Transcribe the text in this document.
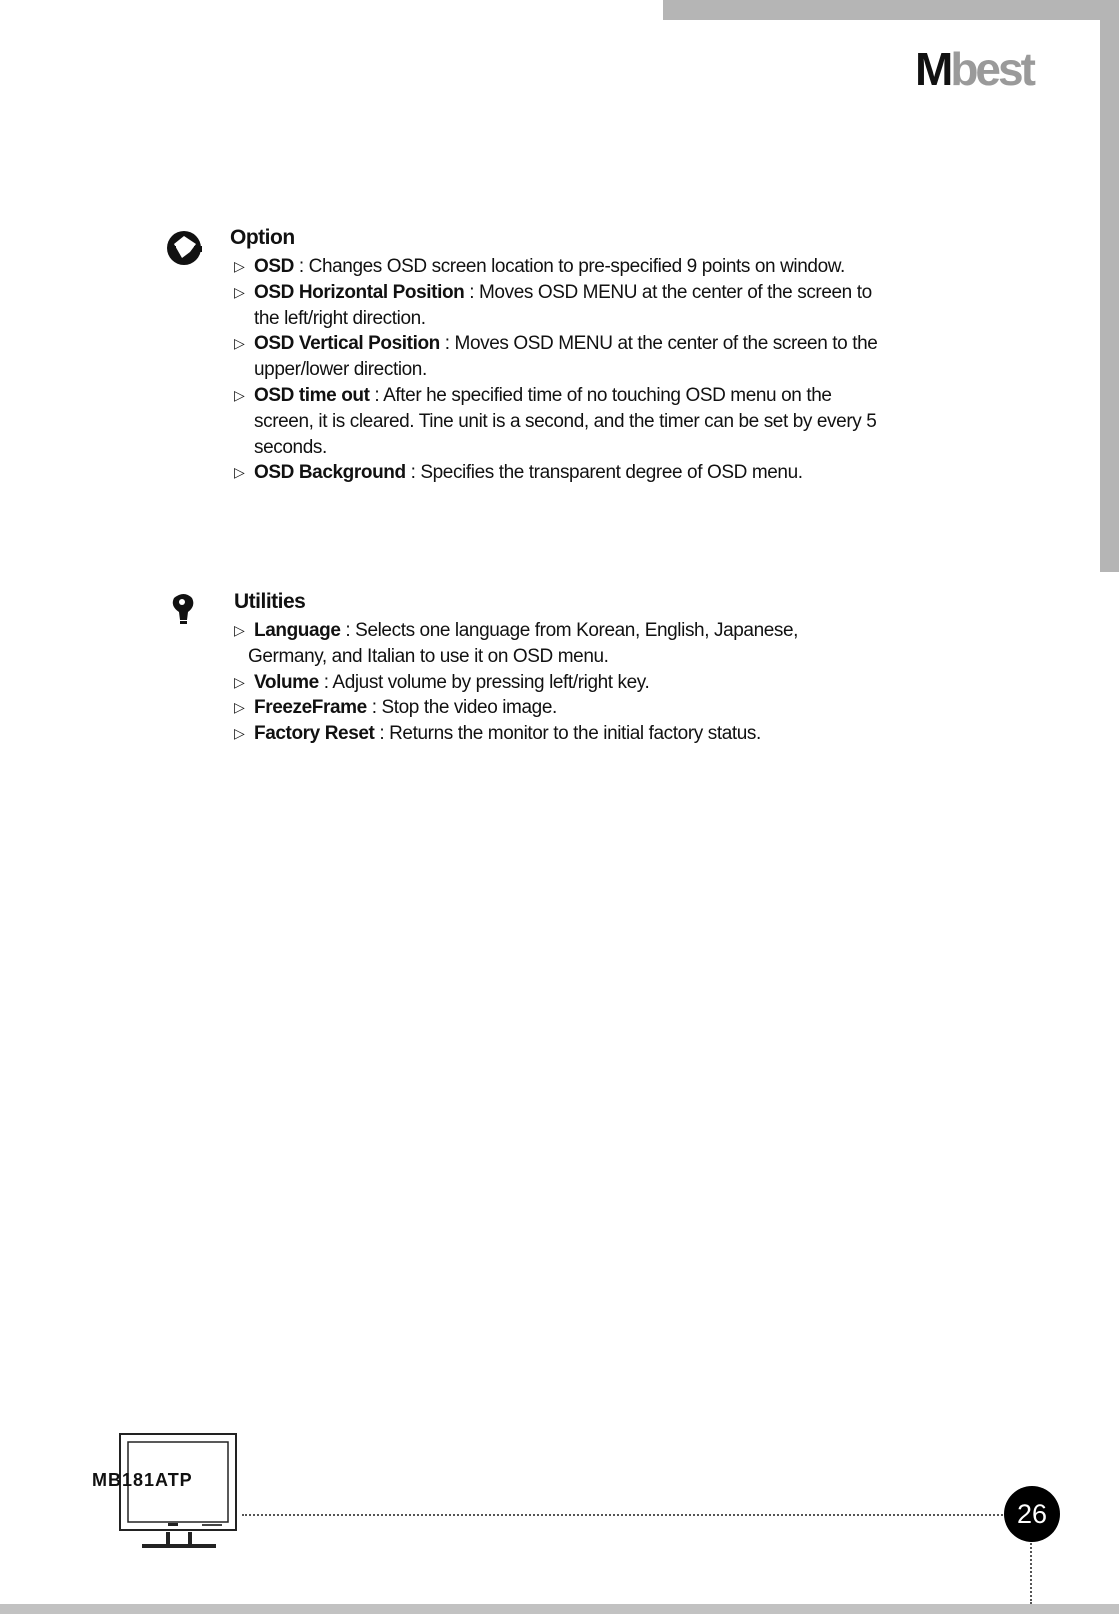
Mbest
Option
▷ OSD : Changes OSD screen location to pre-specified 9 points on window.
▷ OSD Horizontal Position : Moves OSD MENU at the center of the screen to
the left/right direction.
▷ OSD Vertical Position : Moves OSD MENU at the center of the screen to the
upper/lower direction.
▷ OSD time out : After he specified time of no touching OSD menu on the
screen, it is cleared. Tine unit is a second, and the timer can be set by every 5 seconds.
▷ OSD Background : Specifies the transparent degree of OSD menu.
Utilities
▷ Language : Selects one language from Korean, English, Japanese,
Germany, and Italian to use it on OSD menu.
▷ Volume : Adjust volume by pressing left/right key.
▷ FreezeFrame : Stop the video image.
▷ Factory Reset : Returns the monitor to the initial factory status.
MB181ATP
26
